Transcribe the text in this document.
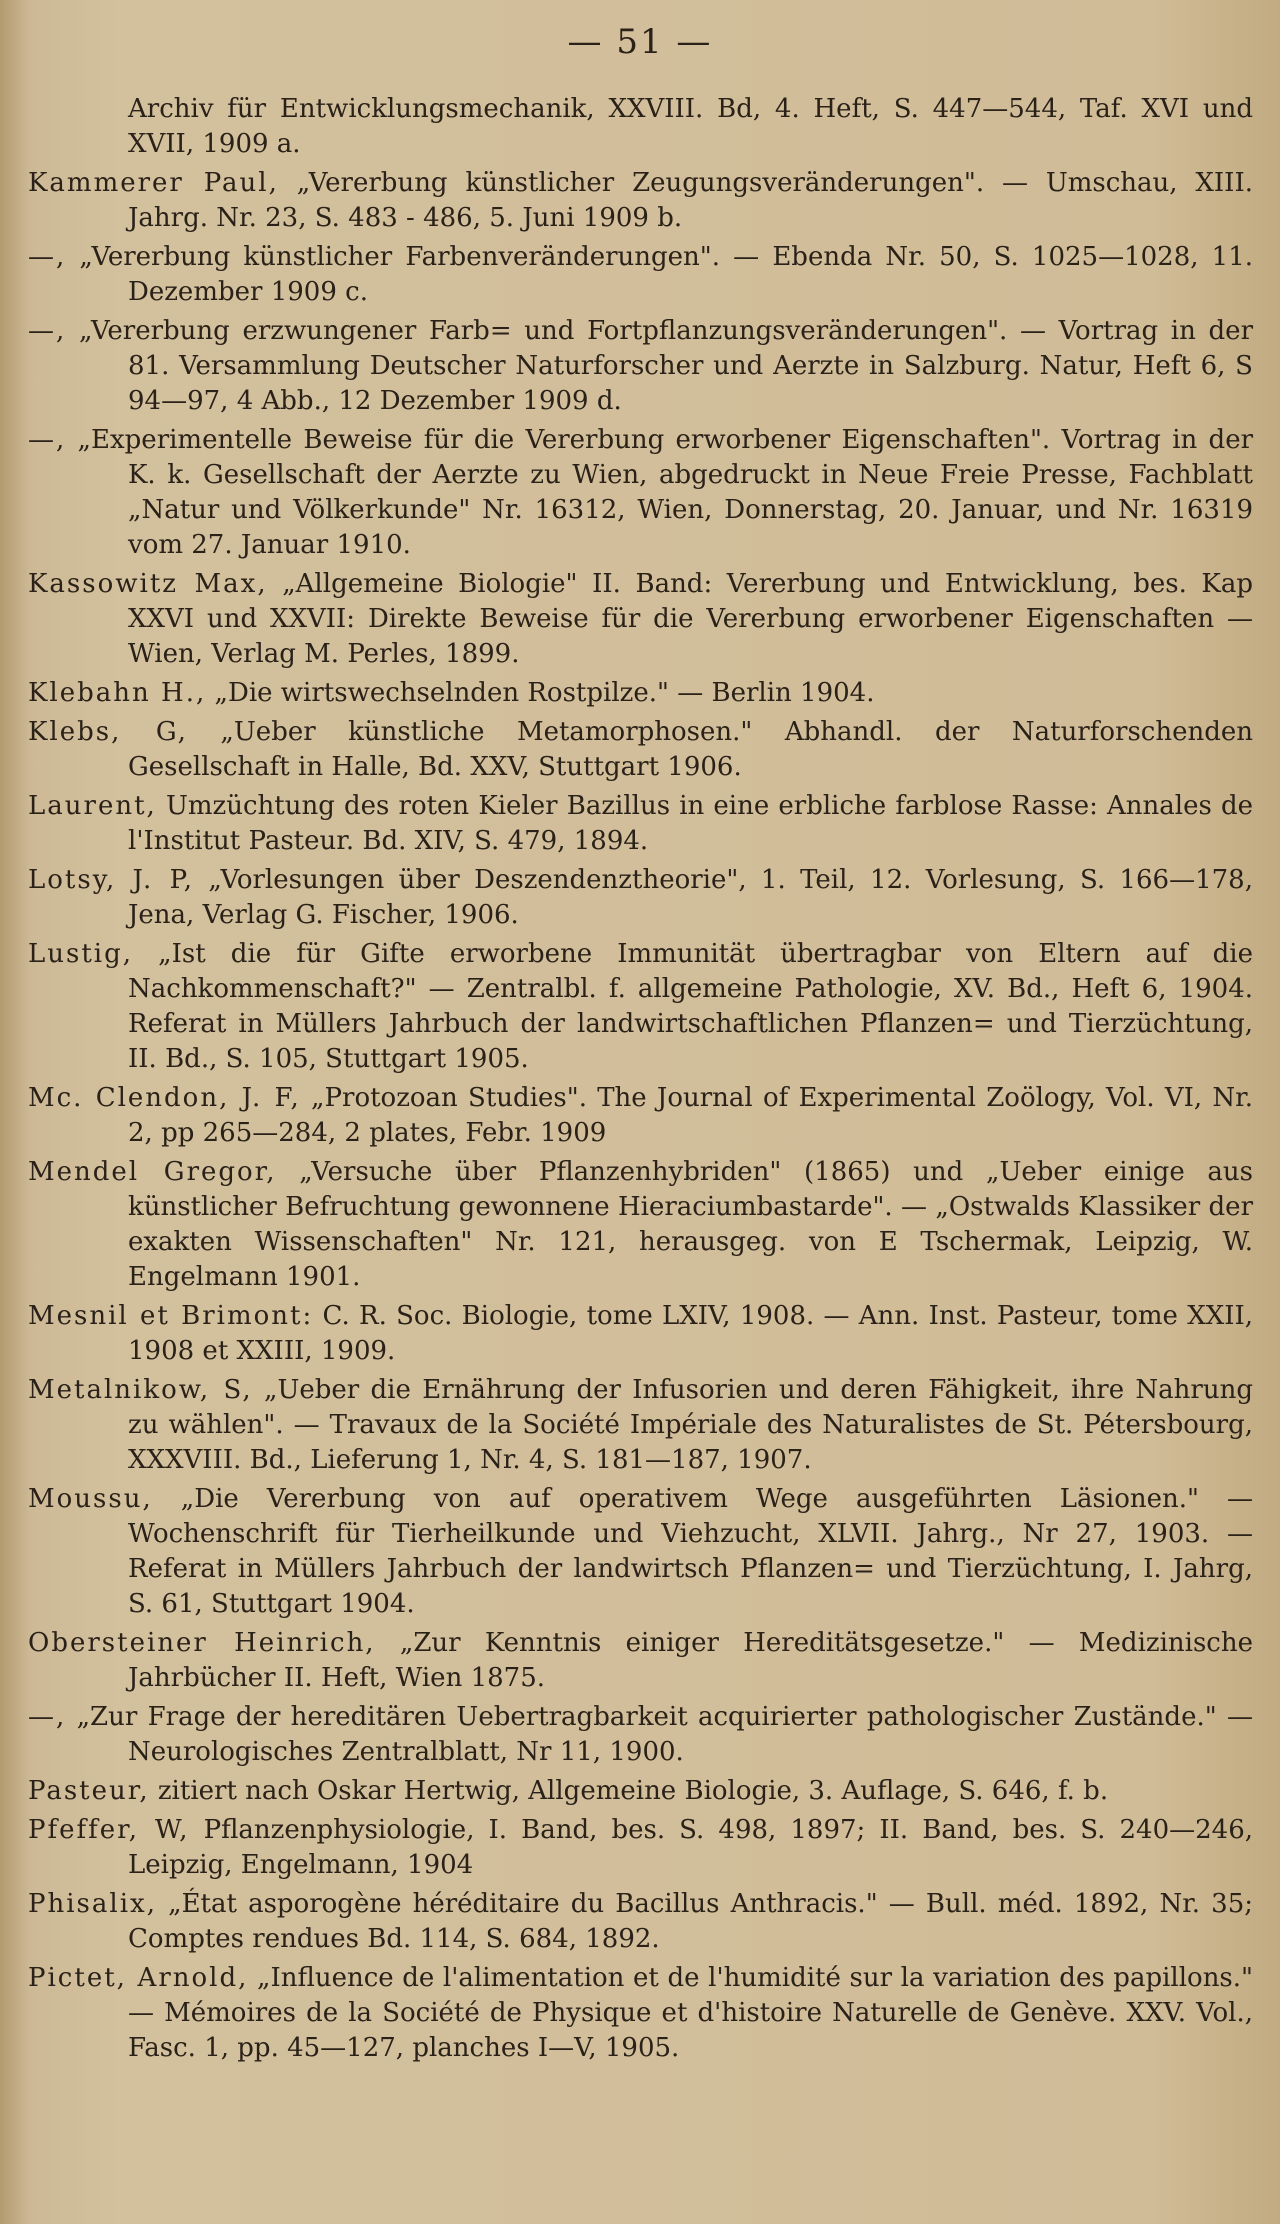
— 51 —

Archiv für Entwicklungsmechanik, XXVIII. Bd, 4. Heft, S. 447—544, Taf. XVI und XVII, 1909 a.

Kammerer Paul, „Vererbung künstlicher Zeugungsveränderungen". — Umschau, XIII. Jahrg. Nr. 23, S. 483 - 486, 5. Juni 1909 b.

—, „Vererbung künstlicher Farbenveränderungen". — Ebenda Nr. 50, S. 1025—1028, 11. Dezember 1909 c.

—, „Vererbung erzwungener Farb= und Fortpflanzungsveränderungen". — Vortrag in der 81. Versammlung Deutscher Naturforscher und Aerzte in Salzburg. Natur, Heft 6, S 94—97, 4 Abb., 12 Dezember 1909 d.

—, „Experimentelle Beweise für die Vererbung erworbener Eigenschaften". Vortrag in der K. k. Gesellschaft der Aerzte zu Wien, abgedruckt in Neue Freie Presse, Fachblatt „Natur und Völkerkunde" Nr. 16312, Wien, Donnerstag, 20. Januar, und Nr. 16319 vom 27. Januar 1910.

Kassowitz Max, „Allgemeine Biologie" II. Band: Vererbung und Entwicklung, bes. Kap XXVI und XXVII: Direkte Beweise für die Vererbung erworbener Eigenschaften — Wien, Verlag M. Perles, 1899.

Klebahn H., „Die wirtswechselnden Rostpilze." — Berlin 1904.

Klebs, G, „Ueber künstliche Metamorphosen." Abhandl. der Naturforschenden Gesellschaft in Halle, Bd. XXV, Stuttgart 1906.

Laurent, Umzüchtung des roten Kieler Bazillus in eine erbliche farblose Rasse: Annales de l'Institut Pasteur. Bd. XIV, S. 479, 1894.

Lotsy, J. P, „Vorlesungen über Deszendenztheorie", 1. Teil, 12. Vorlesung, S. 166—178, Jena, Verlag G. Fischer, 1906.

Lustig, „Ist die für Gifte erworbene Immunität übertragbar von Eltern auf die Nachkommenschaft?" — Zentralbl. f. allgemeine Pathologie, XV. Bd., Heft 6, 1904. Referat in Müllers Jahrbuch der landwirtschaftlichen Pflanzen= und Tierzüchtung, II. Bd., S. 105, Stuttgart 1905.

Mc. Clendon, J. F, „Protozoan Studies". The Journal of Experimental Zoölogy, Vol. VI, Nr. 2, pp 265—284, 2 plates, Febr. 1909

Mendel Gregor, „Versuche über Pflanzenhybriden" (1865) und „Ueber einige aus künstlicher Befruchtung gewonnene Hieraciumbastarde". — „Ostwalds Klassiker der exakten Wissenschaften" Nr. 121, herausgeg. von E Tschermak, Leipzig, W. Engelmann 1901.

Mesnil et Brimont: C. R. Soc. Biologie, tome LXIV, 1908. — Ann. Inst. Pasteur, tome XXII, 1908 et XXIII, 1909.

Metalnikow, S, „Ueber die Ernährung der Infusorien und deren Fähigkeit, ihre Nahrung zu wählen". — Travaux de la Société Impériale des Naturalistes de St. Pétersbourg, XXXVIII. Bd., Lieferung 1, Nr. 4, S. 181—187, 1907.

Moussu, „Die Vererbung von auf operativem Wege ausgeführten Läsionen." — Wochenschrift für Tierheilkunde und Viehzucht, XLVII. Jahrg., Nr 27, 1903. — Referat in Müllers Jahrbuch der landwirtsch Pflanzen= und Tierzüchtung, I. Jahrg, S. 61, Stuttgart 1904.

Obersteiner Heinrich, „Zur Kenntnis einiger Hereditätsgesetze." — Medizinische Jahrbücher II. Heft, Wien 1875.

—, „Zur Frage der hereditären Uebertragbarkeit acquirierter pathologischer Zustände." — Neurologisches Zentralblatt, Nr 11, 1900.

Pasteur, zitiert nach Oskar Hertwig, Allgemeine Biologie, 3. Auflage, S. 646, f. b.

Pfeffer, W, Pflanzenphysiologie, I. Band, bes. S. 498, 1897; II. Band, bes. S. 240—246, Leipzig, Engelmann, 1904

Phisalix, „État asporogène héréditaire du Bacillus Anthracis." — Bull. méd. 1892, Nr. 35; Comptes rendues Bd. 114, S. 684, 1892.

Pictet, Arnold, „Influence de l'alimentation et de l'humidité sur la variation des papillons." — Mémoires de la Société de Physique et d'histoire Naturelle de Genève. XXV. Vol., Fasc. 1, pp. 45—127, planches I—V, 1905.
